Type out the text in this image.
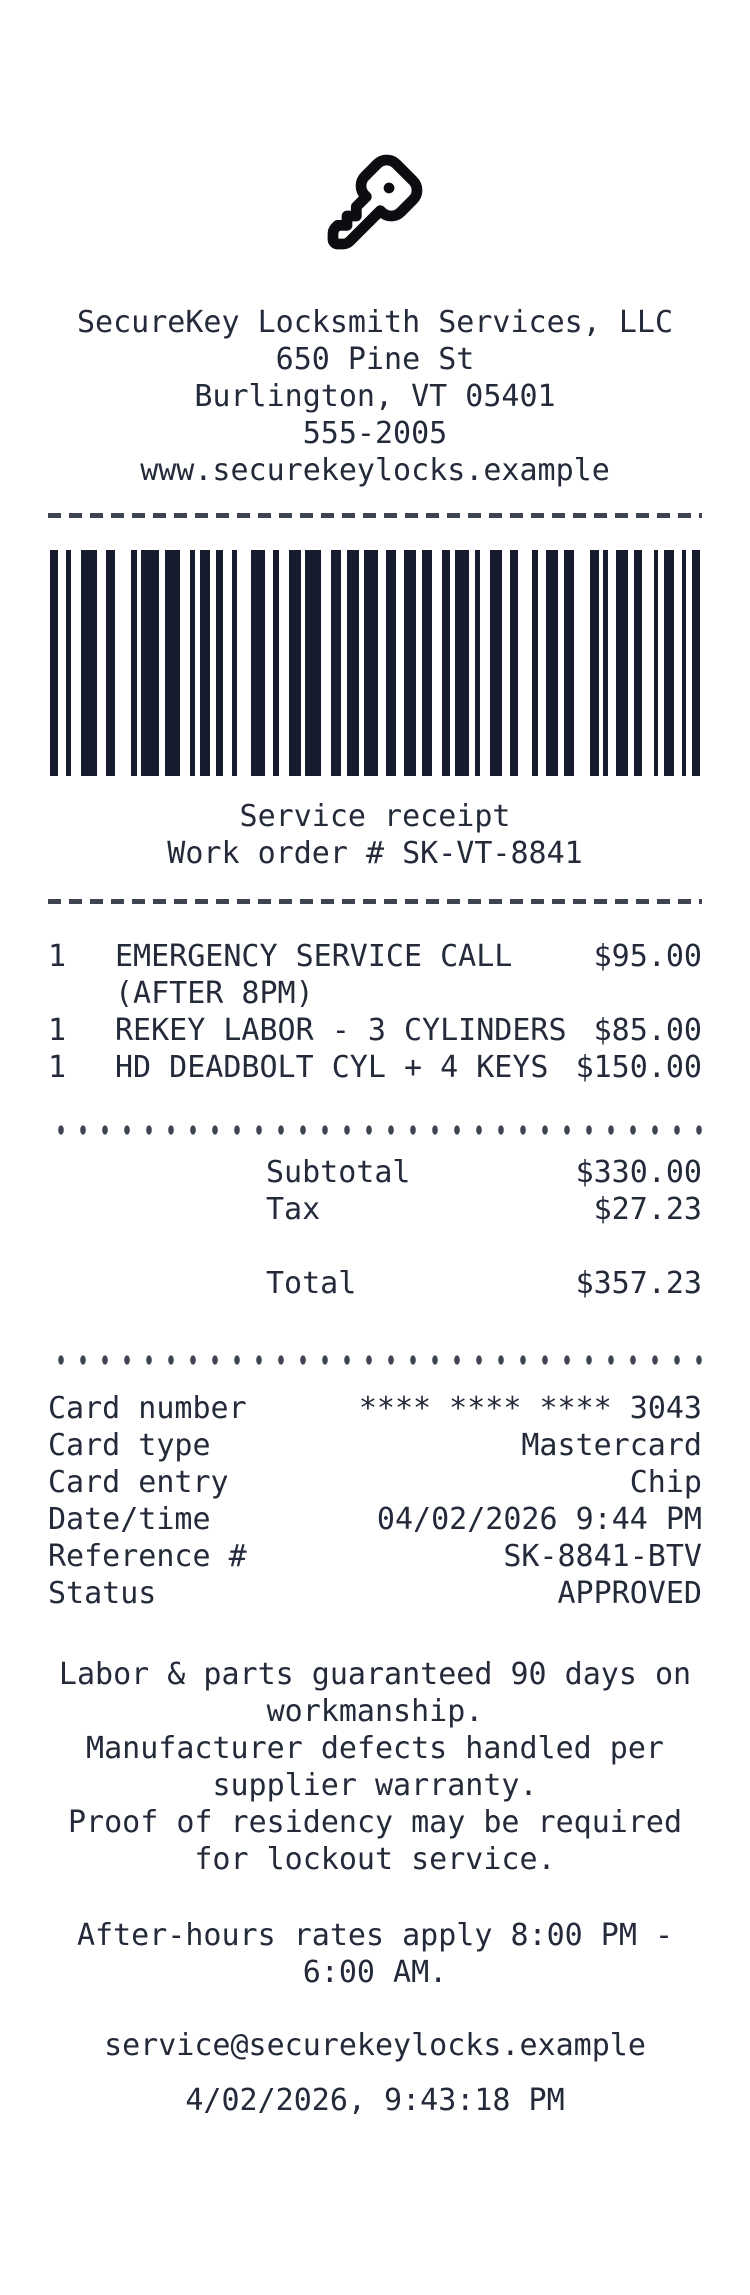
SecureKey Locksmith Services, LLC
650 Pine St
Burlington, VT 05401
555-2005
www.securekeylocks.example
Service receipt
Work order # SK-VT-8841
1	EMERGENCY SERVICE CALL	$95.00
(AFTER 8PM)
1	REKEY LABOR - 3 CYLINDERS $85.00
1	HD DEADBOLT CYL + 4 KEYS $150.00
Subtotal	$330.00
Tax	$27.23
Total	$357.23
Card number	**** **** **** 3043
Card type	Mastercard
Card entry	Chip
Date/time	04/02/2026 9:44 PM
Reference #	SK-8841-BTV
Status	APPROVED

Labor & parts guaranteed 90 days on workmanship.

Manufacturer defects handled per supplier warranty.

Proof of residency may be required for lockout service.

After-hours rates apply 8:00 PM - 6:00 AM.

service@securekeylocks.example
4/02/2026, 9:43:18 PM
